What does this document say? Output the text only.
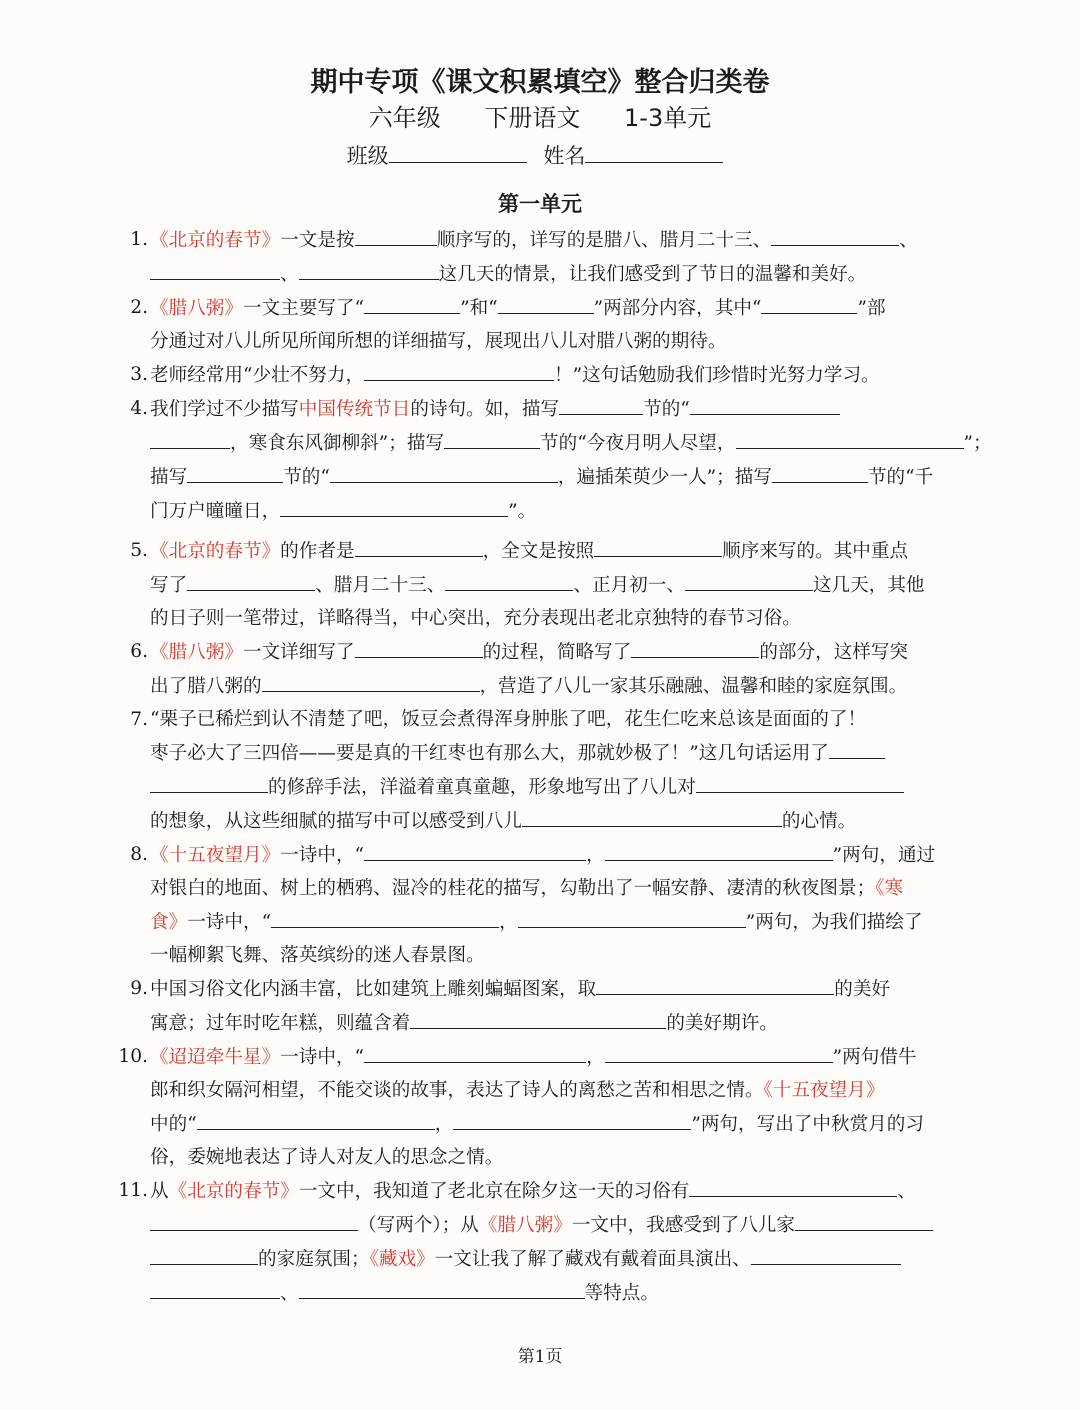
期中专项《课文积累填空》整合归类卷
六年级 下册语文 1-3单元
班级	姓名
第一单元
1. 《北京的春节》一文是按	顺序写的，详写的是腊八、腊月二十三、	、

、	这几天的情景，让我们感受到了节日的温馨和美好。

2. 《腊八粥》一文主要写了“	”和“	”两部分内容，其中“	”部

分通过对八儿所见所闻所想的详细描写，展现出八儿对腊八粥的期待。

3. 老师经常用“少壮不努力，	！”这句话勉励我们珍惜时光努力学习。

4. 我们学过不少描写中国传统节日的诗句。如，描写	节的“

，寒食东风御柳斜”；描写	节的“今夜月明人尽望，	”；

描写	节的“	，遍插茱萸少一人”；描写	节的“千

门万户曈曈日，	”。

5. 《北京的春节》的作者是	，全文是按照	顺序来写的。其中重点

写了	、腊月二十三、	、正月初一、	这几天，其他

的日子则一笔带过，详略得当，中心突出，充分表现出老北京独特的春节习俗。

6. 《腊八粥》一文详细写了	的过程，简略写了	的部分，这样写突

出了腊八粥的	，营造了八儿一家其乐融融、温馨和睦的家庭氛围。

7. “栗子已稀烂到认不清楚了吧，饭豆会煮得浑身肿胀了吧，花生仁吃来总该是面面的了！

枣子必大了三四倍——要是真的干红枣也有那么大，那就妙极了！”这几句话运用了

的修辞手法，洋溢着童真童趣，形象地写出了八儿对

的想象，从这些细腻的描写中可以感受到八儿	的心情。

8. 《十五夜望月》一诗中，“	，	”两句，通过

对银白的地面、树上的栖鸦、湿冷的桂花的描写，勾勒出了一幅安静、凄清的秋夜图景；《寒

食》一诗中，“	，	”两句，为我们描绘了

一幅柳絮飞舞、落英缤纷的迷人春景图。

9. 中国习俗文化内涵丰富，比如建筑上雕刻蝙蝠图案，取	的美好

寓意；过年时吃年糕，则蕴含着	的美好期许。

10. 《迢迢牵牛星》一诗中，“	，	”两句借牛

郎和织女隔河相望，不能交谈的故事，表达了诗人的离愁之苦和相思之情。《十五夜望月》

中的“	，	”两句，写出了中秋赏月的习

俗，委婉地表达了诗人对友人的思念之情。

11. 从《北京的春节》一文中，我知道了老北京在除夕这一天的习俗有	、

（写两个）；从《腊八粥》一文中，我感受到了八儿家

的家庭氛围；《藏戏》一文让我了解了藏戏有戴着面具演出、

、	等特点。

第1页
